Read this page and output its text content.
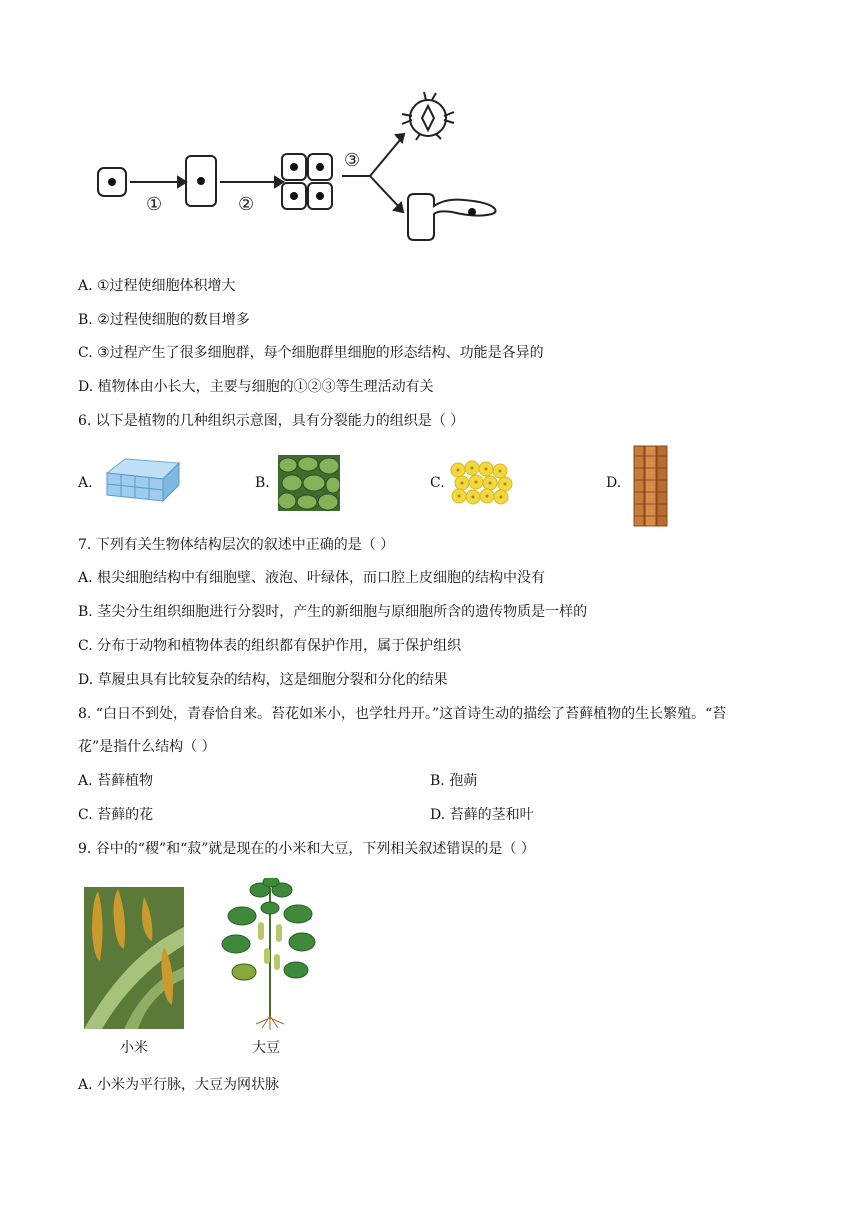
①	②
③
A. ①过程使细胞体积增大
B. ②过程使细胞的数目增多
C. ③过程产生了很多细胞群，每个细胞群里细胞的形态结构、功能是各异的
D. 植物体由小长大，主要与细胞的①②③等生理活动有关
6. 以下是植物的几种组织示意图，具有分裂能力的组织是（ ）
A.	B.	C.	D.
7. 下列有关生物体结构层次的叙述中正确的是（ ）
A. 根尖细胞结构中有细胞壁、液泡、叶绿体，而口腔上皮细胞的结构中没有
B. 茎尖分生组织细胞进行分裂时，产生的新细胞与原细胞所含的遗传物质是一样的
C. 分布于动物和植物体表的组织都有保护作用，属于保护组织
D. 草履虫具有比较复杂的结构，这是细胞分裂和分化的结果
8. “白日不到处，青春恰自来。苔花如米小，也学牡丹开。”这首诗生动的描绘了苔藓植物的生长繁殖。“苔
花”是指什么结构（ ）
A. 苔藓植物	B. 孢蒴
C. 苔藓的花	D. 苔藓的茎和叶
9. 谷中的“稷”和“菽”就是现在的小米和大豆，下列相关叙述错误的是（ ）
小米	大豆
A. 小米为平行脉，大豆为网状脉
